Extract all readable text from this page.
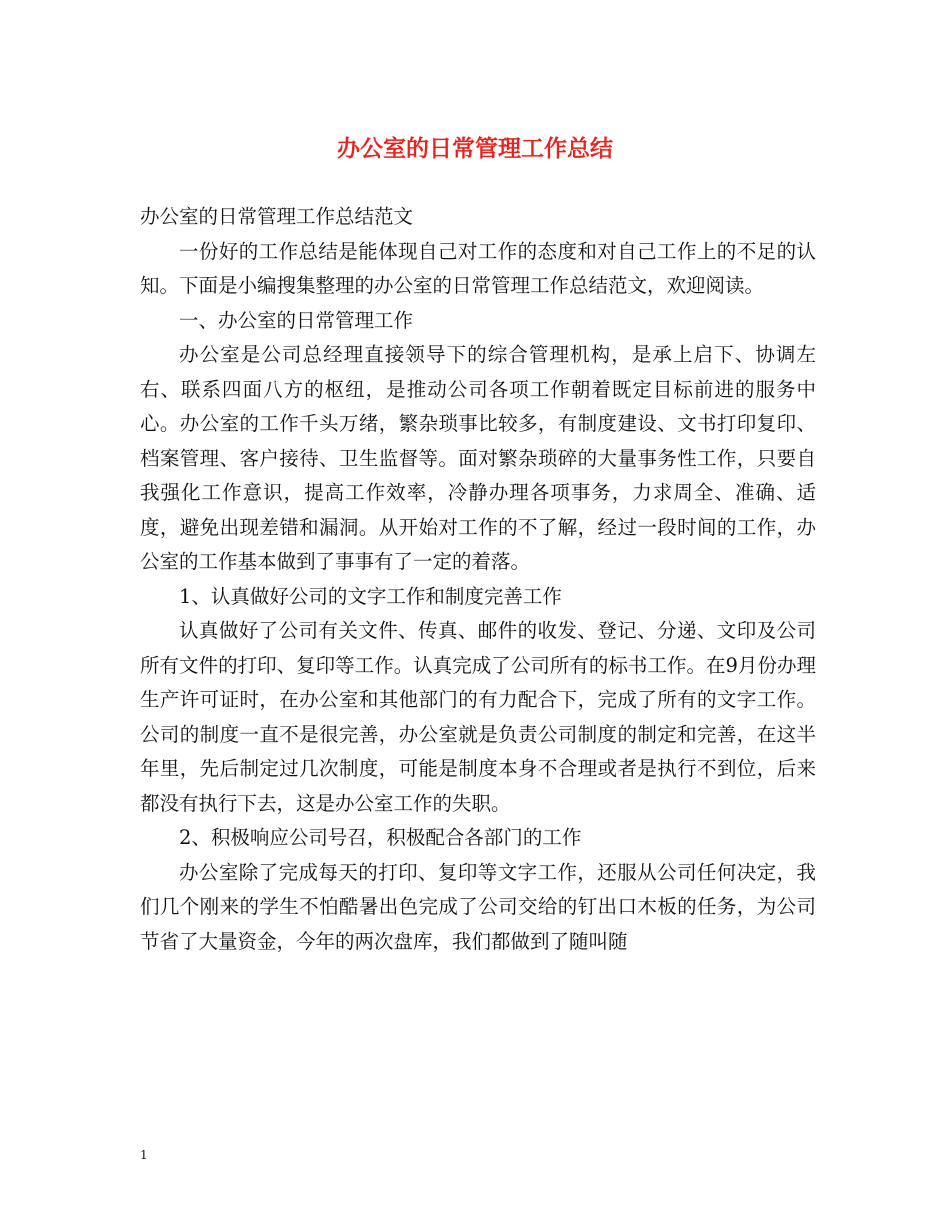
办公室的日常管理工作总结

办公室的日常管理工作总结范文

一份好的工作总结是能体现自己对工作的态度和对自己工作上的不足的认知。下面是小编搜集整理的办公室的日常管理工作总结范文，欢迎阅读。

一、办公室的日常管理工作

办公室是公司总经理直接领导下的综合管理机构，是承上启下、协调左右、联系四面八方的枢纽，是推动公司各项工作朝着既定目标前进的服务中心。办公室的工作千头万绪，繁杂琐事比较多，有制度建设、文书打印复印、档案管理、客户接待、卫生监督等。面对繁杂琐碎的大量事务性工作，只要自我强化工作意识，提高工作效率，冷静办理各项事务，力求周全、准确、适度，避免出现差错和漏洞。从开始对工作的不了解，经过一段时间的工作，办公室的工作基本做到了事事有了一定的着落。

1、认真做好公司的文字工作和制度完善工作

认真做好了公司有关文件、传真、邮件的收发、登记、分递、文印及公司所有文件的打印、复印等工作。认真完成了公司所有的标书工作。在9月份办理生产许可证时，在办公室和其他部门的有力配合下，完成了所有的文字工作。公司的制度一直不是很完善，办公室就是负责公司制度的制定和完善，在这半年里，先后制定过几次制度，可能是制度本身不合理或者是执行不到位，后来都没有执行下去，这是办公室工作的失职。

2、积极响应公司号召，积极配合各部门的工作

办公室除了完成每天的打印、复印等文字工作，还服从公司任何决定，我们几个刚来的学生不怕酷暑出色完成了公司交给的钉出口木板的任务，为公司节省了大量资金，今年的两次盘库，我们都做到了随叫随

1
